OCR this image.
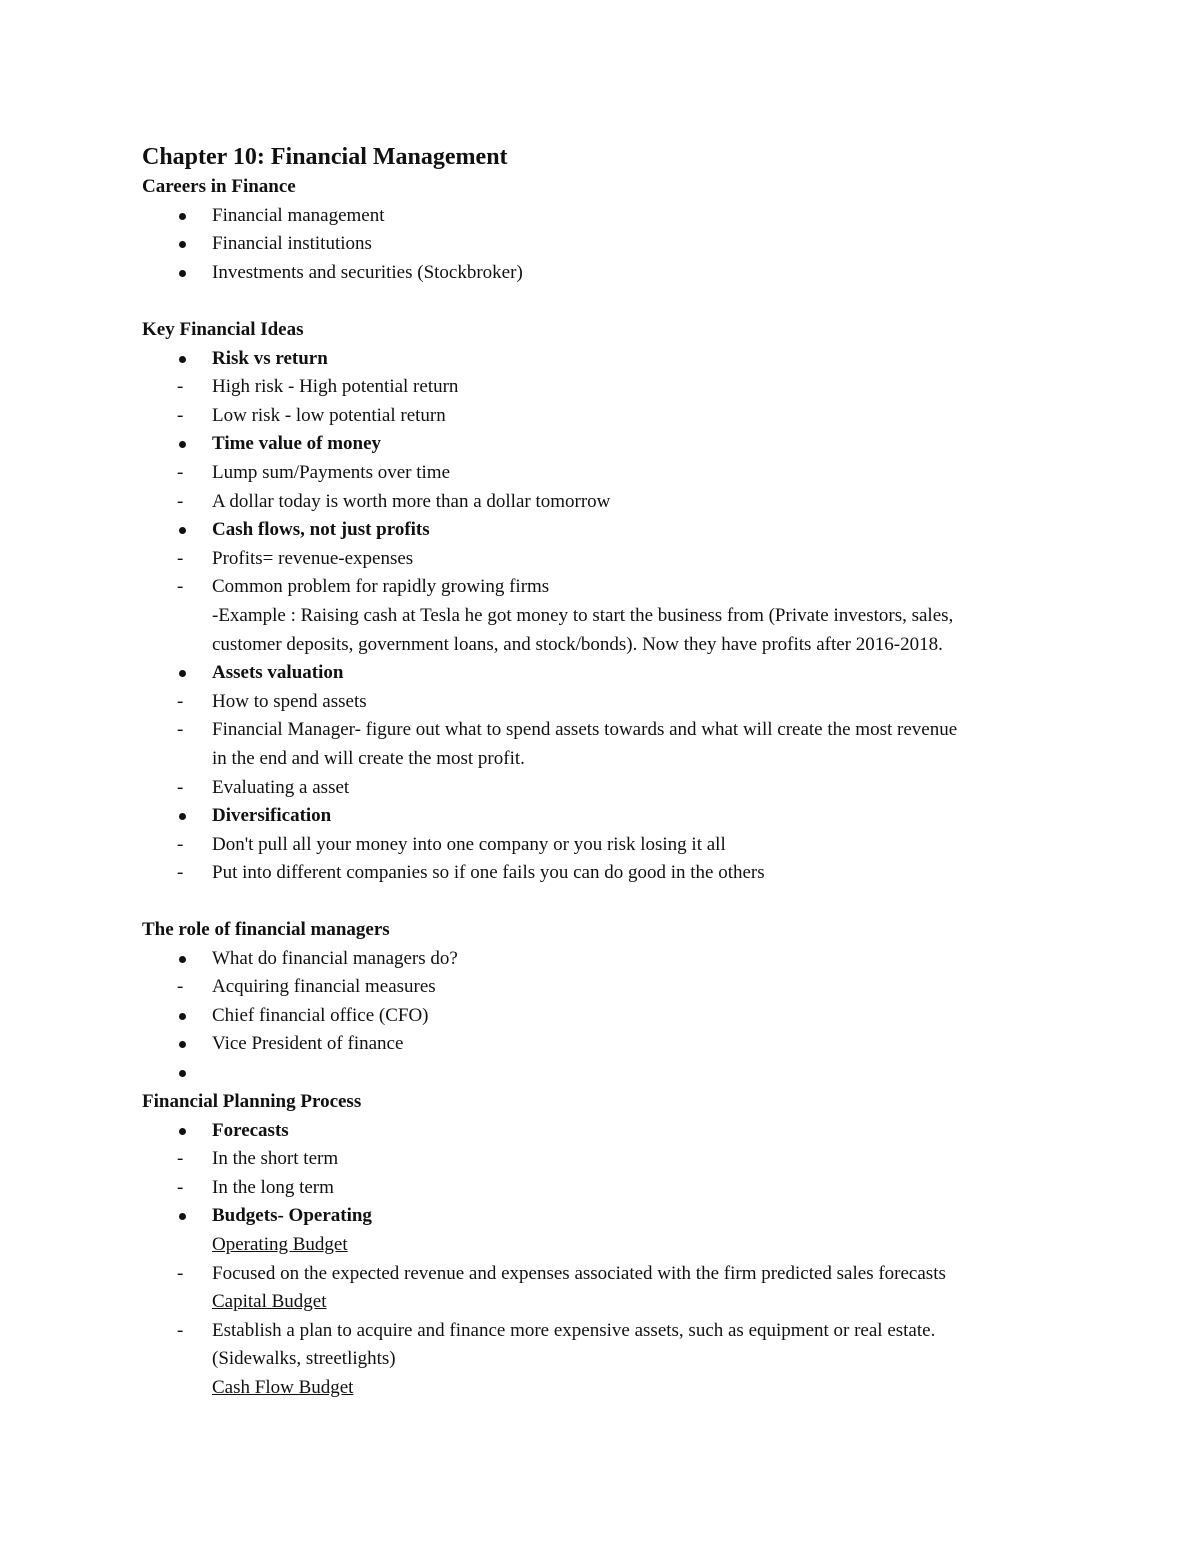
Chapter 10: Financial Management
Careers in Finance
Financial management
Financial institutions
Investments and securities (Stockbroker)
Key Financial Ideas
Risk vs return
- High risk - High potential return
- Low risk - low potential return
Time value of money
- Lump sum/Payments over time
- A dollar today is worth more than a dollar tomorrow
Cash flows, not just profits
- Profits= revenue-expenses
- Common problem for rapidly growing firms
-Example : Raising cash at Tesla he got money to start the business from (Private investors, sales,
customer deposits, government loans, and stock/bonds). Now they have profits after 2016-2018.
Assets valuation
- How to spend assets
- Financial Manager- figure out what to spend assets towards and what will create the most revenue
in the end and will create the most profit.
- Evaluating a asset
Diversification
- Don't pull all your money into one company or you risk losing it all
- Put into different companies so if one fails you can do good in the others
The role of financial managers
What do financial managers do?
- Acquiring financial measures
Chief financial office (CFO)
Vice President of finance
Financial Planning Process
Forecasts
- In the short term
- In the long term
Budgets- Operating
Operating Budget
- Focused on the expected revenue and expenses associated with the firm predicted sales forecasts
Capital Budget
- Establish a plan to acquire and finance more expensive assets, such as equipment or real estate.
(Sidewalks, streetlights)
Cash Flow Budget
